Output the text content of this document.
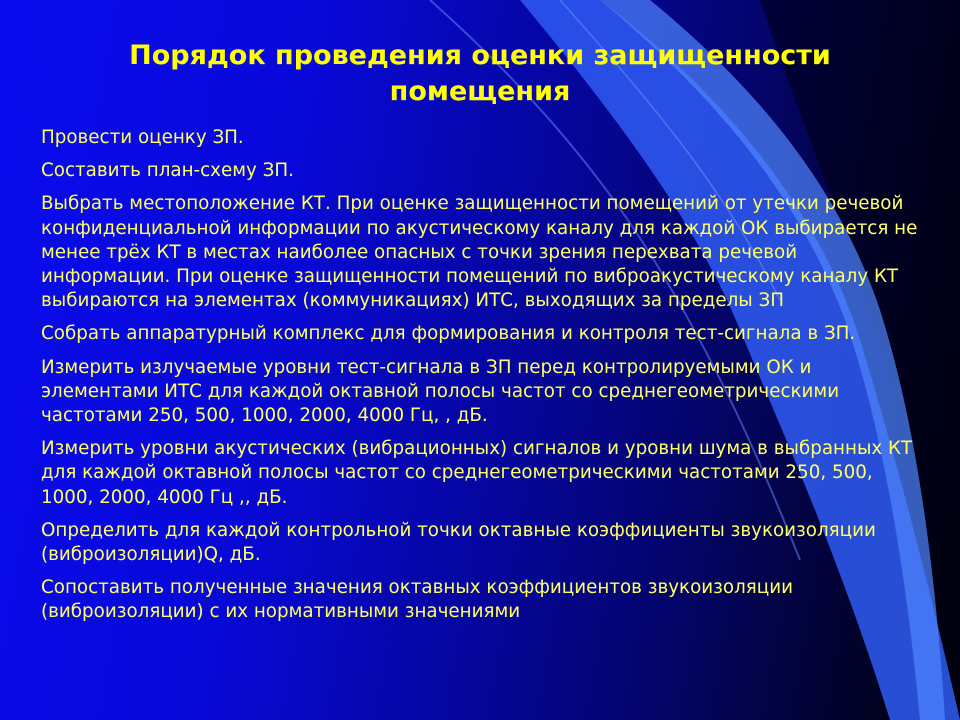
Порядок проведения оценки защищенности помещения
Провести оценку ЗП.
Составить план-схему ЗП.
Выбрать местоположение КТ. При оценке защищенности помещений от утечки речевой конфиденциальной информации по акустическому каналу для каждой ОК выбирается не менее трёх КТ в местах наиболее опасных с точки зрения перехвата речевой информации. При оценке защищенности помещений по виброакустическому каналу КТ выбираются на элементах (коммуникациях) ИТС, выходящих за пределы ЗП
Собрать аппаратурный комплекс для формирования и контроля тест-сигнала в ЗП.
Измерить излучаемые уровни тест-сигнала в ЗП перед контролируемыми ОК и элементами ИТС для каждой октавной полосы частот со среднегеометрическими частотами 250, 500, 1000, 2000, 4000 Гц, , дБ.
Измерить уровни акустических (вибрационных) сигналов и уровни шума в выбранных КТ для каждой октавной полосы частот со среднегеометрическими частотами 250, 500, 1000, 2000, 4000 Гц ,, дБ.
Определить для каждой контрольной точки октавные коэффициенты звукоизоляции (виброизоляции)Q, дБ.
Сопоставить полученные значения октавных коэффициентов звукоизоляции (виброизоляции) с их нормативными значениями
